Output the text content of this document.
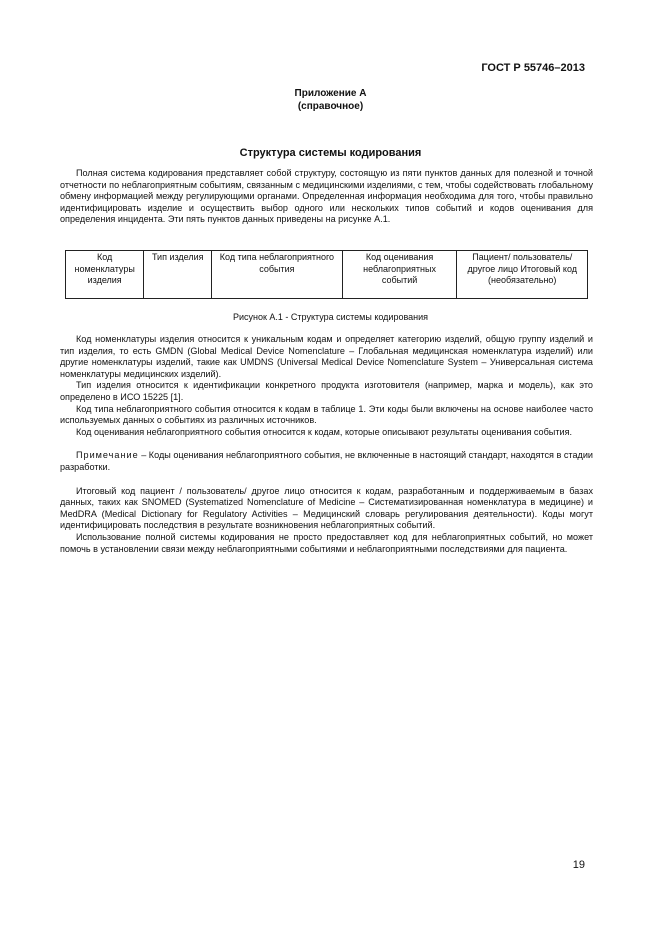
ГОСТ Р 55746–2013
Приложение А
(справочное)
Структура системы кодирования

Полная система кодирования представляет собой структуру, состоящую из пяти пунктов данных для полезной и точной отчетности по неблагоприятным событиям, связанным с медицинскими изделиями, с тем, чтобы содействовать глобальному обмену информацией между регулирующими органами. Определенная информация необходима для того, чтобы правильно идентифицировать изделие и осуществить выбор одного или нескольких типов событий и кодов оценивания для определения инцидента. Эти пять пунктов данных приведены на рисунке А.1.

Код номенклатуры изделия	Тип изделия	Код типа неблагоприятного события	Код оценивания неблагоприятных событий	Пациент/ пользователь/ другое лицо Итоговый код (необязательно)
Рисунок А.1 - Структура системы кодирования

Код номенклатуры изделия относится к уникальным кодам и определяет категорию изделий, общую группу изделий и тип изделия, то есть GMDN (Global Medical Device Nomenclature – Глобальная медицинская номенклатура изделий) или другие номенклатуры изделий, такие как UMDNS (Universal Medical Device Nomenclature System – Универсальная система номенклатуры медицинских изделий).

Тип изделия относится к идентификации конкретного продукта изготовителя (например, марка и модель), как это определено в ИСО 15225 [1].

Код типа неблагоприятного события относится к кодам в таблице 1. Эти коды были включены на основе наиболее часто используемых данных о событиях из различных источников.

Код оценивания неблагоприятного события относится к кодам, которые описывают результаты оценивания события.

Примечание – Коды оценивания неблагоприятного события, не включенные в настоящий стандарт, находятся в стадии разработки.

Итоговый код пациент / пользователь/ другое лицо относится к кодам, разработанным и поддерживаемым в базах данных, таких как SNOMED (Systematized Nomenclature of Medicine – Систематизированная номенклатура в медицине) и MedDRA (Medical Dictionary for Regulatory Activities – Медицинский словарь регулирования деятельности). Коды могут идентифицировать последствия в результате возникновения неблагоприятных событий.

Использование полной системы кодирования не просто предоставляет код для неблагоприятных событий, но может помочь в установлении связи между неблагоприятными событиями и неблагоприятными последствиями для пациента.

19
